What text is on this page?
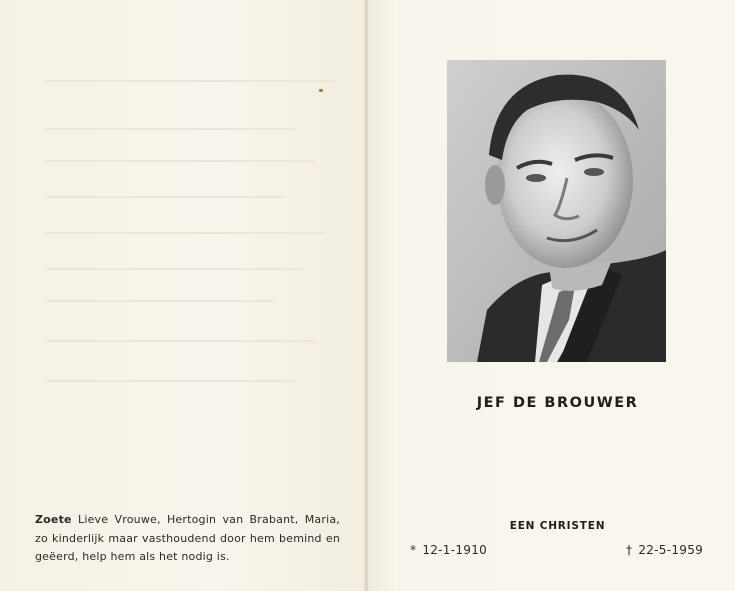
Zoete Lieve Vrouwe, Hertogin van Brabant, Maria, zo kinderlijk maar vasthoudend door hem bemind en geëerd, help hem als het nodig is.
JEF DE BROUWER
EEN CHRISTEN
* 12-1-1910	† 22-5-1959
